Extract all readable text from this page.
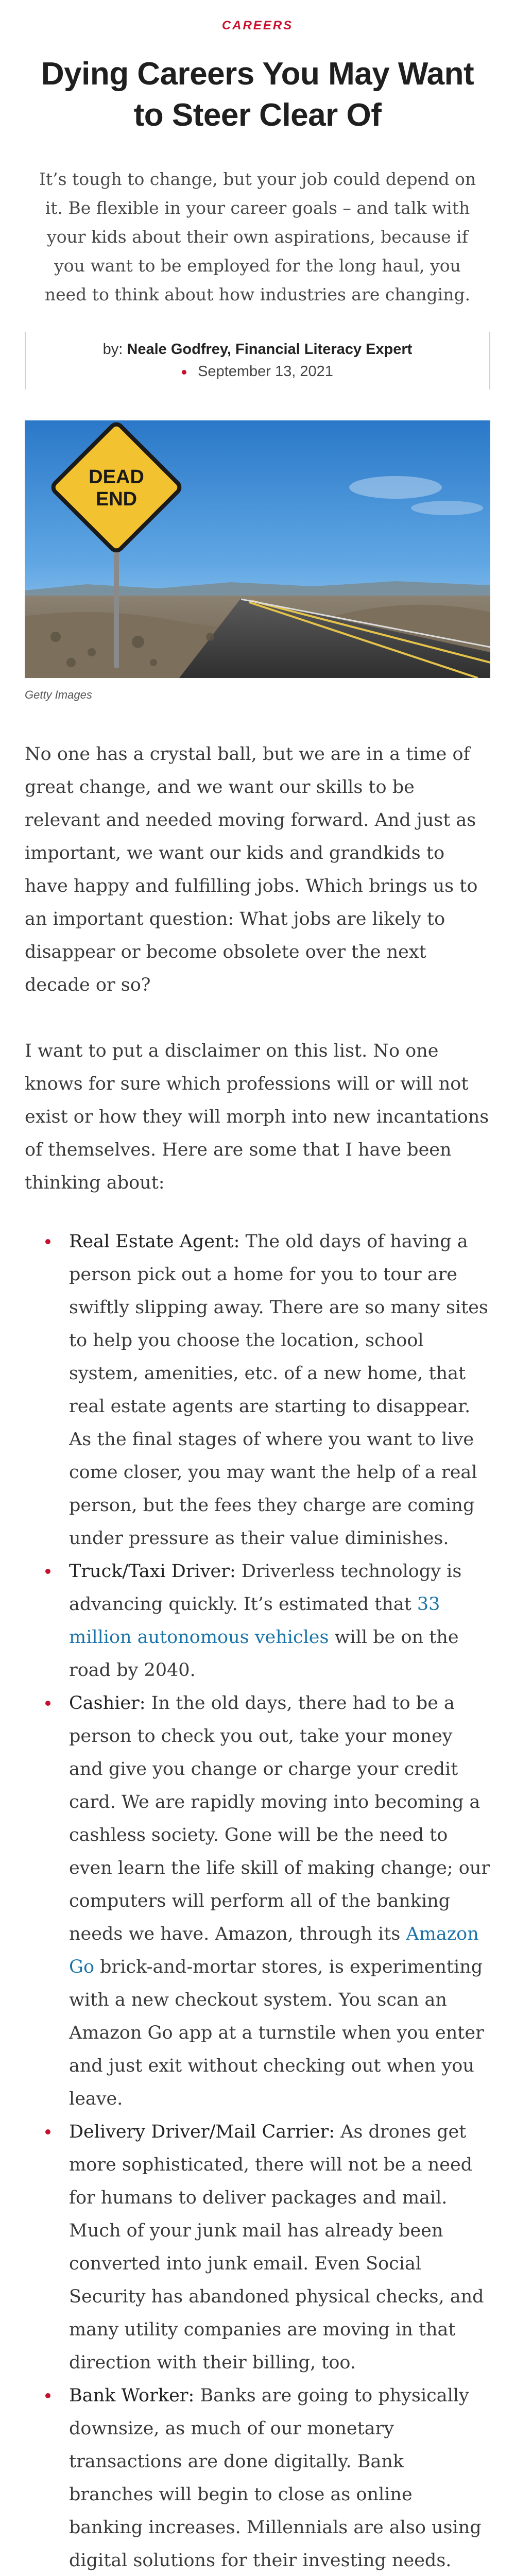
CAREERS
Dying Careers You May Want to Steer Clear Of

It’s tough to change, but your job could depend on it. Be flexible in your career goals – and talk with your kids about their own aspirations, because if you want to be employed for the long haul, you need to think about how industries are changing.

by: Neale Godfrey, Financial Literacy Expert
September 13, 2021
DEAD
END
Getty Images

No one has a crystal ball, but we are in a time of great change, and we want our skills to be relevant and needed moving forward. And just as important, we want our kids and grandkids to have happy and fulfilling jobs. Which brings us to an important question: What jobs are likely to disappear or become obsolete over the next decade or so?

I want to put a disclaimer on this list. No one knows for sure which professions will or will not exist or how they will morph into new incantations of themselves. Here are some that I have been thinking about:

Real Estate Agent: The old days of having a person pick out a home for you to tour are swiftly slipping away. There are so many sites to help you choose the location, school system, amenities, etc. of a new home, that real estate agents are starting to disappear. As the final stages of where you want to live come closer, you may want the help of a real person, but the fees they charge are coming under pressure as their value diminishes.
Truck/Taxi Driver: Driverless technology is advancing quickly. It’s estimated that 33 million autonomous vehicles will be on the road by 2040.
Cashier: In the old days, there had to be a person to check you out, take your money and give you change or charge your credit card. We are rapidly moving into becoming a cashless society. Gone will be the need to even learn the life skill of making change; our computers will perform all of the banking needs we have. Amazon, through its Amazon Go brick-and-mortar stores, is experimenting with a new checkout system. You scan an Amazon Go app at a turnstile when you enter and just exit without checking out when you leave.
Delivery Driver/Mail Carrier: As drones get more sophisticated, there will not be a need for humans to deliver packages and mail. Much of your junk mail has already been converted into junk email. Even Social Security has abandoned physical checks, and many utility companies are moving in that direction with their billing, too.
Bank Worker: Banks are going to physically downsize, as much of our monetary transactions are done digitally. Bank branches will begin to close as online banking increases. Millennials are also using digital solutions for their investing needs.
